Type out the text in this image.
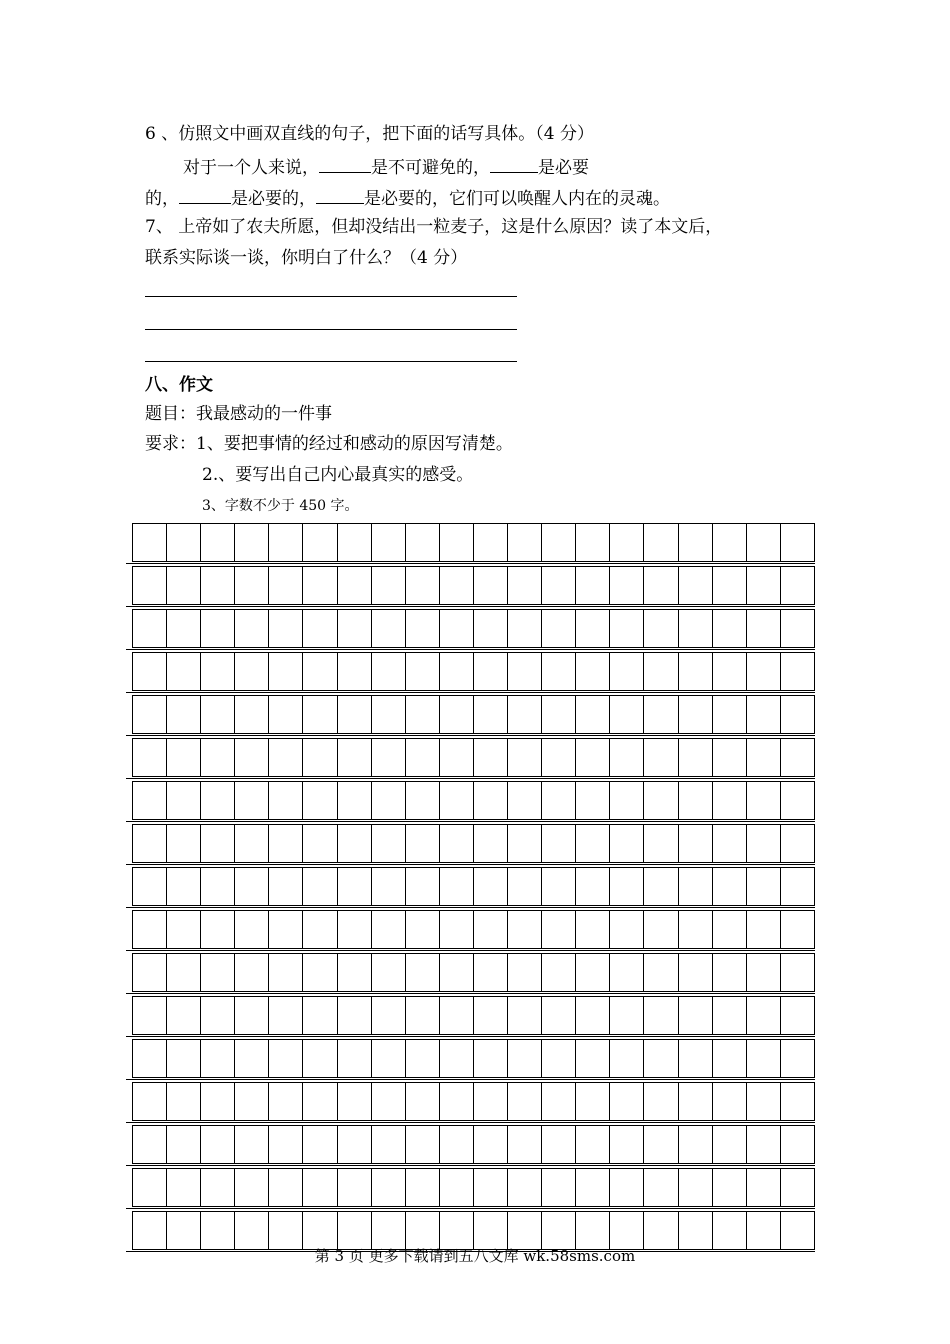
6 、仿照文中画双直线的句子，把下面的话写具体。（4 分）
对于一个人来说，	是不可避免的，	是必要
的，	是必要的，	是必要的，它们可以唤醒人内在的灵魂。
7、 上帝如了农夫所愿，但却没结出一粒麦子，这是什么原因？读了本文后，
联系实际谈一谈，你明白了什么？（4 分）
八、作文
题目：我最感动的一件事
要求：1、要把事情的经过和感动的原因写清楚。
2.、要写出自己内心最真实的感受。
3、字数不少于 450 字。
第 3 页 更多下载请到五八文库 wk.58sms.com
